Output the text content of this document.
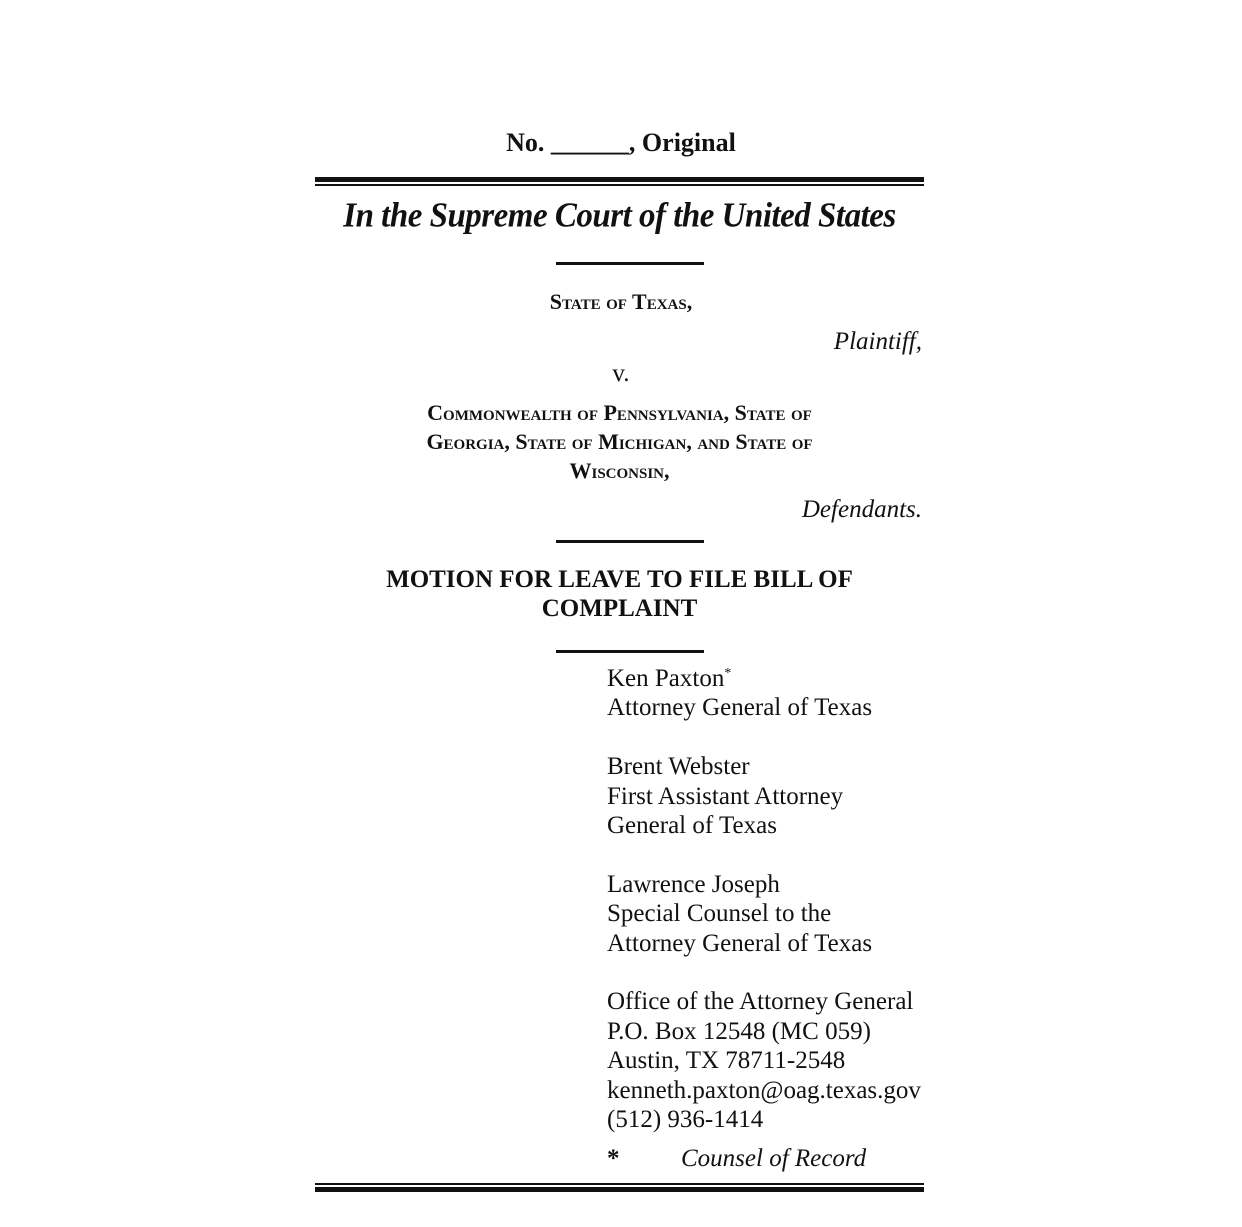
No. ______, Original
In the Supreme Court of the United States
State of Texas,
Plaintiff,
v.
Commonwealth of Pennsylvania, State of
Georgia, State of Michigan, and State of
Wisconsin,
Defendants.
MOTION FOR LEAVE TO FILE BILL OF
COMPLAINT
Ken Paxton*
Attorney General of Texas
Brent Webster
First Assistant Attorney
General of Texas
Lawrence Joseph
Special Counsel to the
Attorney General of Texas
Office of the Attorney General
P.O. Box 12548 (MC 059)
Austin, TX 78711-2548
kenneth.paxton@oag.texas.gov
(512) 936-1414
* Counsel of Record
